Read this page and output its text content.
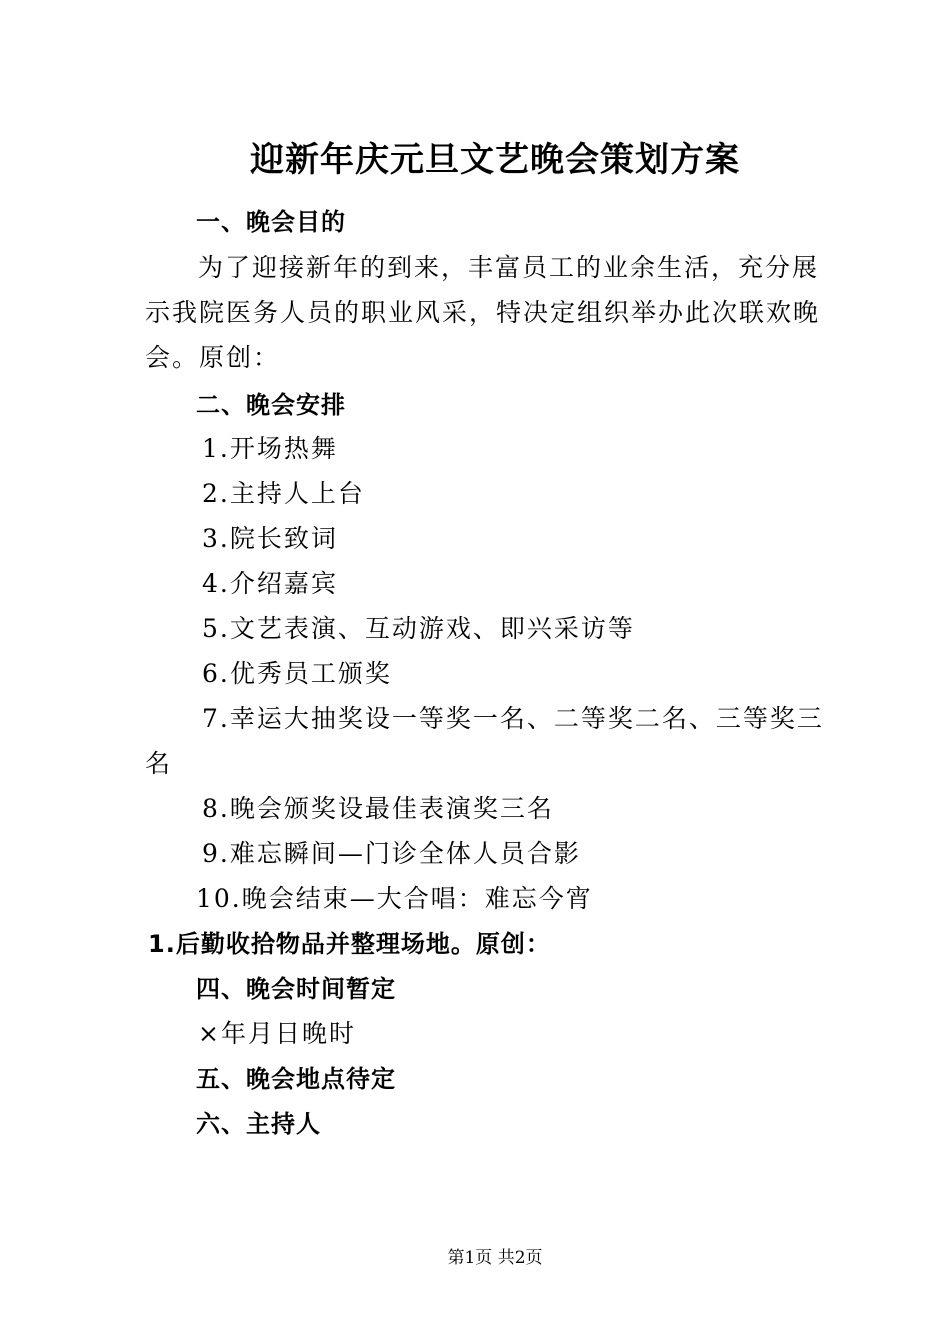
迎新年庆元旦文艺晚会策划方案
一、晚会目的
为了迎接新年的到来，丰富员工的业余生活，充分展
示我院医务人员的职业风采，特决定组织举办此次联欢晚
会。原创：
二、晚会安排
1.开场热舞
2.主持人上台
3.院长致词
4.介绍嘉宾
5.文艺表演、互动游戏、即兴采访等
6.优秀员工颁奖
7.幸运大抽奖设一等奖一名、二等奖二名、三等奖三
名
8.晚会颁奖设最佳表演奖三名
9.难忘瞬间—门诊全体人员合影
10.晚会结束—大合唱：难忘今宵
1.后勤收拾物品并整理场地。原创：
四、晚会时间暂定
×年月日晚时
五、晚会地点待定
六、主持人
第1页 共2页
